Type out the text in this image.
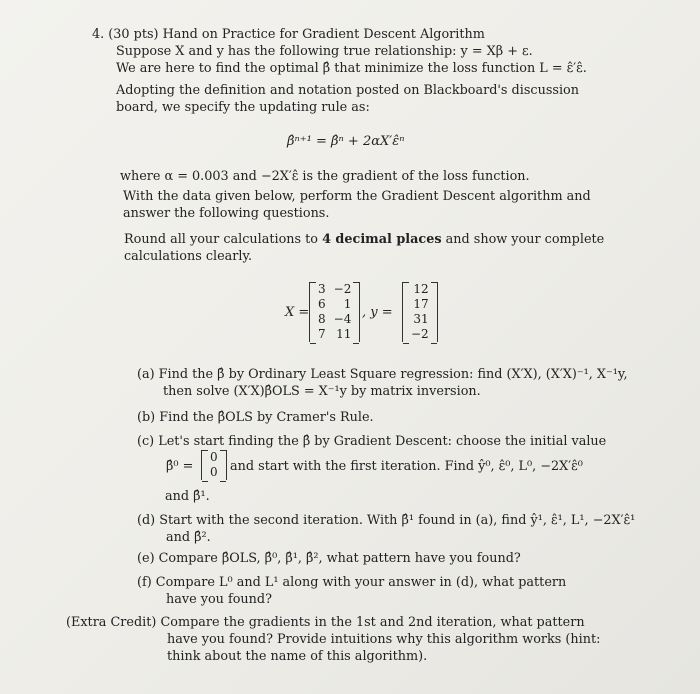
4. (30 pts) Hand on Practice for Gradient Descent Algorithm
Suppose X and y has the following true relationship: y = Xβ + ε.
We are here to find the optimal β̂ that minimize the loss function L = ε̂′ε̂.
Adopting the definition and notation posted on Blackboard's discussion
board, we specify the updating rule as:
β̂ⁿ⁺¹ = β̂ⁿ + 2αX′ε̂ⁿ
where α = 0.003 and −2X′ε̂ is the gradient of the loss function.
With the data given below, perform the Gradient Descent algorithm and
answer the following questions.
Round all your calculations to 4 decimal places and show your complete
calculations clearly.
X =
3	−2
6	1
8	−4
7	11
, y =
12
17
31
−2
(a) Find the β̂ by Ordinary Least Square regression: find (X′X), (X′X)⁻¹, X⁻¹y,
then solve (X′X)β̂OLS = X⁻¹y by matrix inversion.
(b) Find the β̂OLS by Cramer's Rule.
(c) Let's start finding the β̂ by Gradient Descent: choose the initial value
β̂⁰ =
0
0 and start with the first iteration. Find ŷ⁰, ε̂⁰, L⁰, −2X′ε̂⁰
and β̂¹.
(d) Start with the second iteration. With β̂¹ found in (a), find ŷ¹, ε̂¹, L¹, −2X′ε̂¹
and β̂².
(e) Compare β̂OLS, β̂⁰, β̂¹, β̂², what pattern have you found?
(f) Compare L⁰ and L¹ along with your answer in (d), what pattern
have you found?
(Extra Credit) Compare the gradients in the 1st and 2nd iteration, what pattern
have you found? Provide intuitions why this algorithm works (hint:
think about the name of this algorithm).
